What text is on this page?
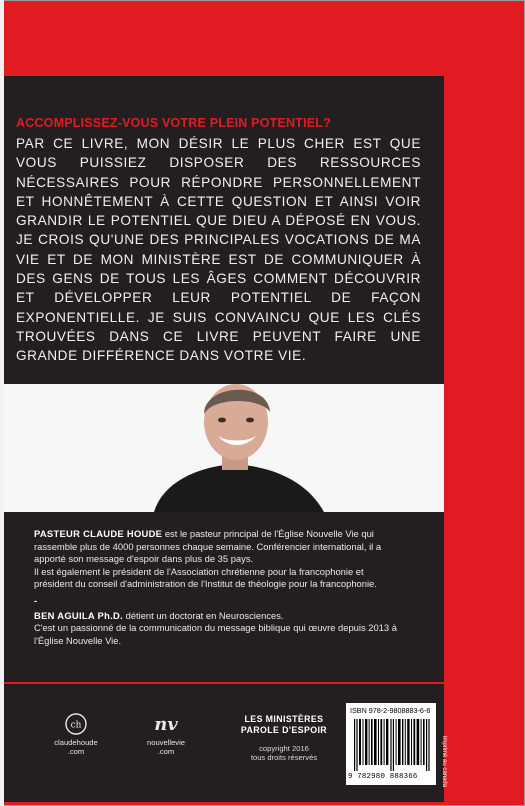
ACCOMPLISSEZ-VOUS VOTRE PLEIN POTENTIEL?

PAR CE LIVRE, MON DÉSIR LE PLUS CHER EST QUE VOUS PUISSIEZ DISPOSER DES RESSOURCES NÉCESSAIRES POUR RÉPONDRE PERSONNELLEMENT ET HONNÊTEMENT À CETTE QUESTION ET AINSI VOIR GRANDIR LE POTENTIEL QUE DIEU A DÉPOSÉ EN VOUS. JE CROIS QU'UNE DES PRINCIPALES VOCATIONS DE MA VIE ET DE MON MINISTÈRE EST DE COMMUNIQUER À DES GENS DE TOUS LES ÂGES COMMENT DÉCOUVRIR ET DÉVELOPPER LEUR POTENTIEL DE FAÇON EXPONENTIELLE. JE SUIS CONVAINCU QUE LES CLÉS TROUVÉES DANS CE LIVRE PEUVENT FAIRE UNE GRANDE DIFFÉRENCE DANS VOTRE VIE.

PASTEUR CLAUDE HOUDE est le pasteur principal de l'Église Nouvelle Vie qui rassemble plus de 4000 personnes chaque semaine. Conférencier international, il a apporté son message d'espoir dans plus de 35 pays.

Il est également le président de l'Association chrétienne pour la francophonie et président du conseil d'administration de l'Institut de théologie pour la francophonie.

-

BEN AGUILA Ph.D. détient un doctorat en Neurosciences.

C'est un passionné de la communication du message biblique qui œuvre depuis 2013 à l'Église Nouvelle Vie.

ch
claudehoude
.com
nv
nouvellevie
.com
LES MINISTÈRES
PAROLE D'ESPOIR
copyright 2016
tous droits réservés
ISBN 978-2-9808883-6-6
9 782980 888366	imprimé au canada
